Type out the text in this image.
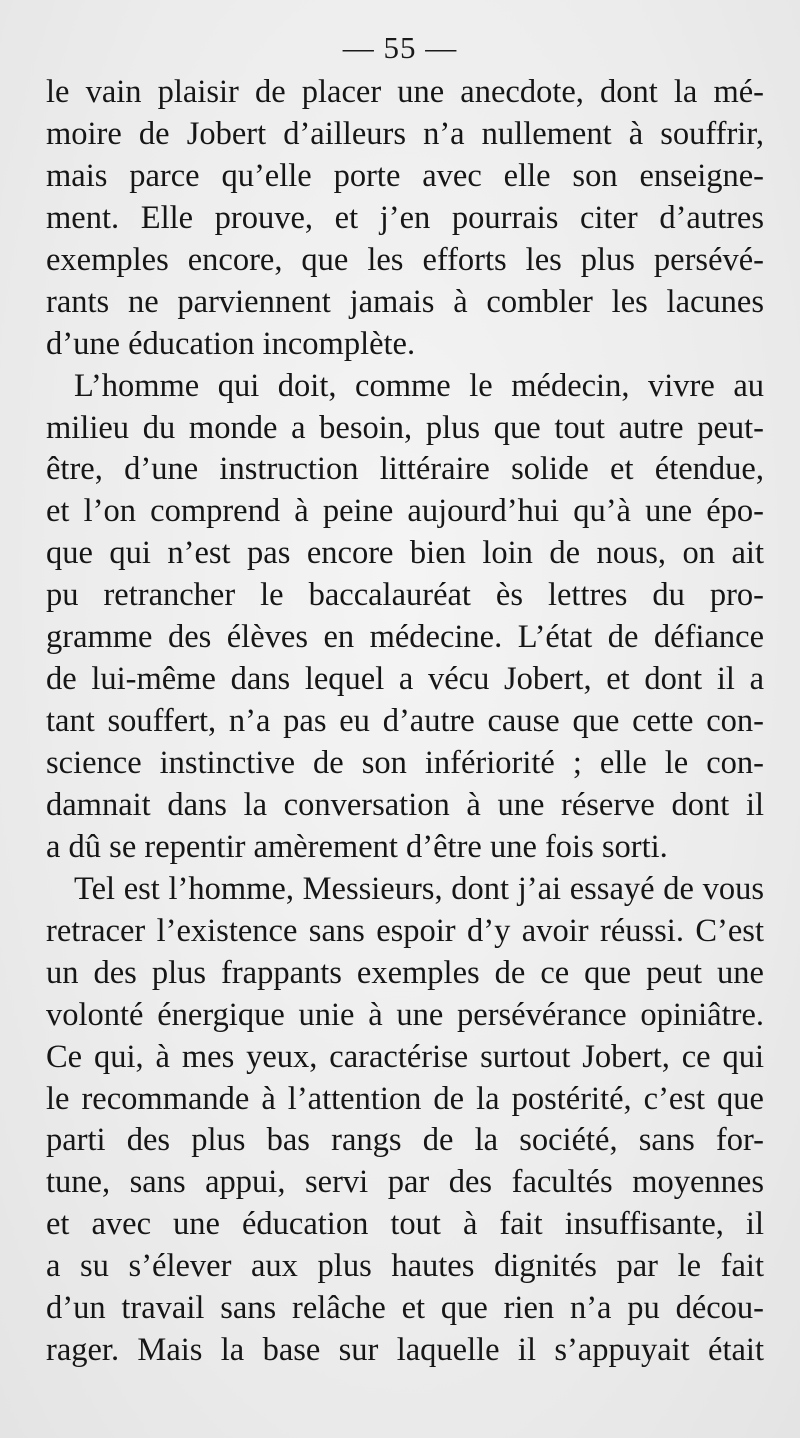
— 55 —
le vain plaisir de placer une anecdote, dont la mé-
moire de Jobert d’ailleurs n’a nullement à souffrir,
mais parce qu’elle porte avec elle son enseigne-
ment. Elle prouve, et j’en pourrais citer d’autres
exemples encore, que les efforts les plus persévé-
rants ne parviennent jamais à combler les lacunes
d’une éducation incomplète.
L’homme qui doit, comme le médecin, vivre au
milieu du monde a besoin, plus que tout autre peut-
être, d’une instruction littéraire solide et étendue,
et l’on comprend à peine aujourd’hui qu’à une épo-
que qui n’est pas encore bien loin de nous, on ait
pu retrancher le baccalauréat ès lettres du pro-
gramme des élèves en médecine. L’état de défiance
de lui-même dans lequel a vécu Jobert, et dont il a
tant souffert, n’a pas eu d’autre cause que cette con-
science instinctive de son infériorité ; elle le con-
damnait dans la conversation à une réserve dont il
a dû se repentir amèrement d’être une fois sorti.
Tel est l’homme, Messieurs, dont j’ai essayé de vous
retracer l’existence sans espoir d’y avoir réussi. C’est
un des plus frappants exemples de ce que peut une
volonté énergique unie à une persévérance opiniâtre.
Ce qui, à mes yeux, caractérise surtout Jobert, ce qui
le recommande à l’attention de la postérité, c’est que
parti des plus bas rangs de la société, sans for-
tune, sans appui, servi par des facultés moyennes
et avec une éducation tout à fait insuffisante, il
a su s’élever aux plus hautes dignités par le fait
d’un travail sans relâche et que rien n’a pu décou-
rager. Mais la base sur laquelle il s’appuyait était
